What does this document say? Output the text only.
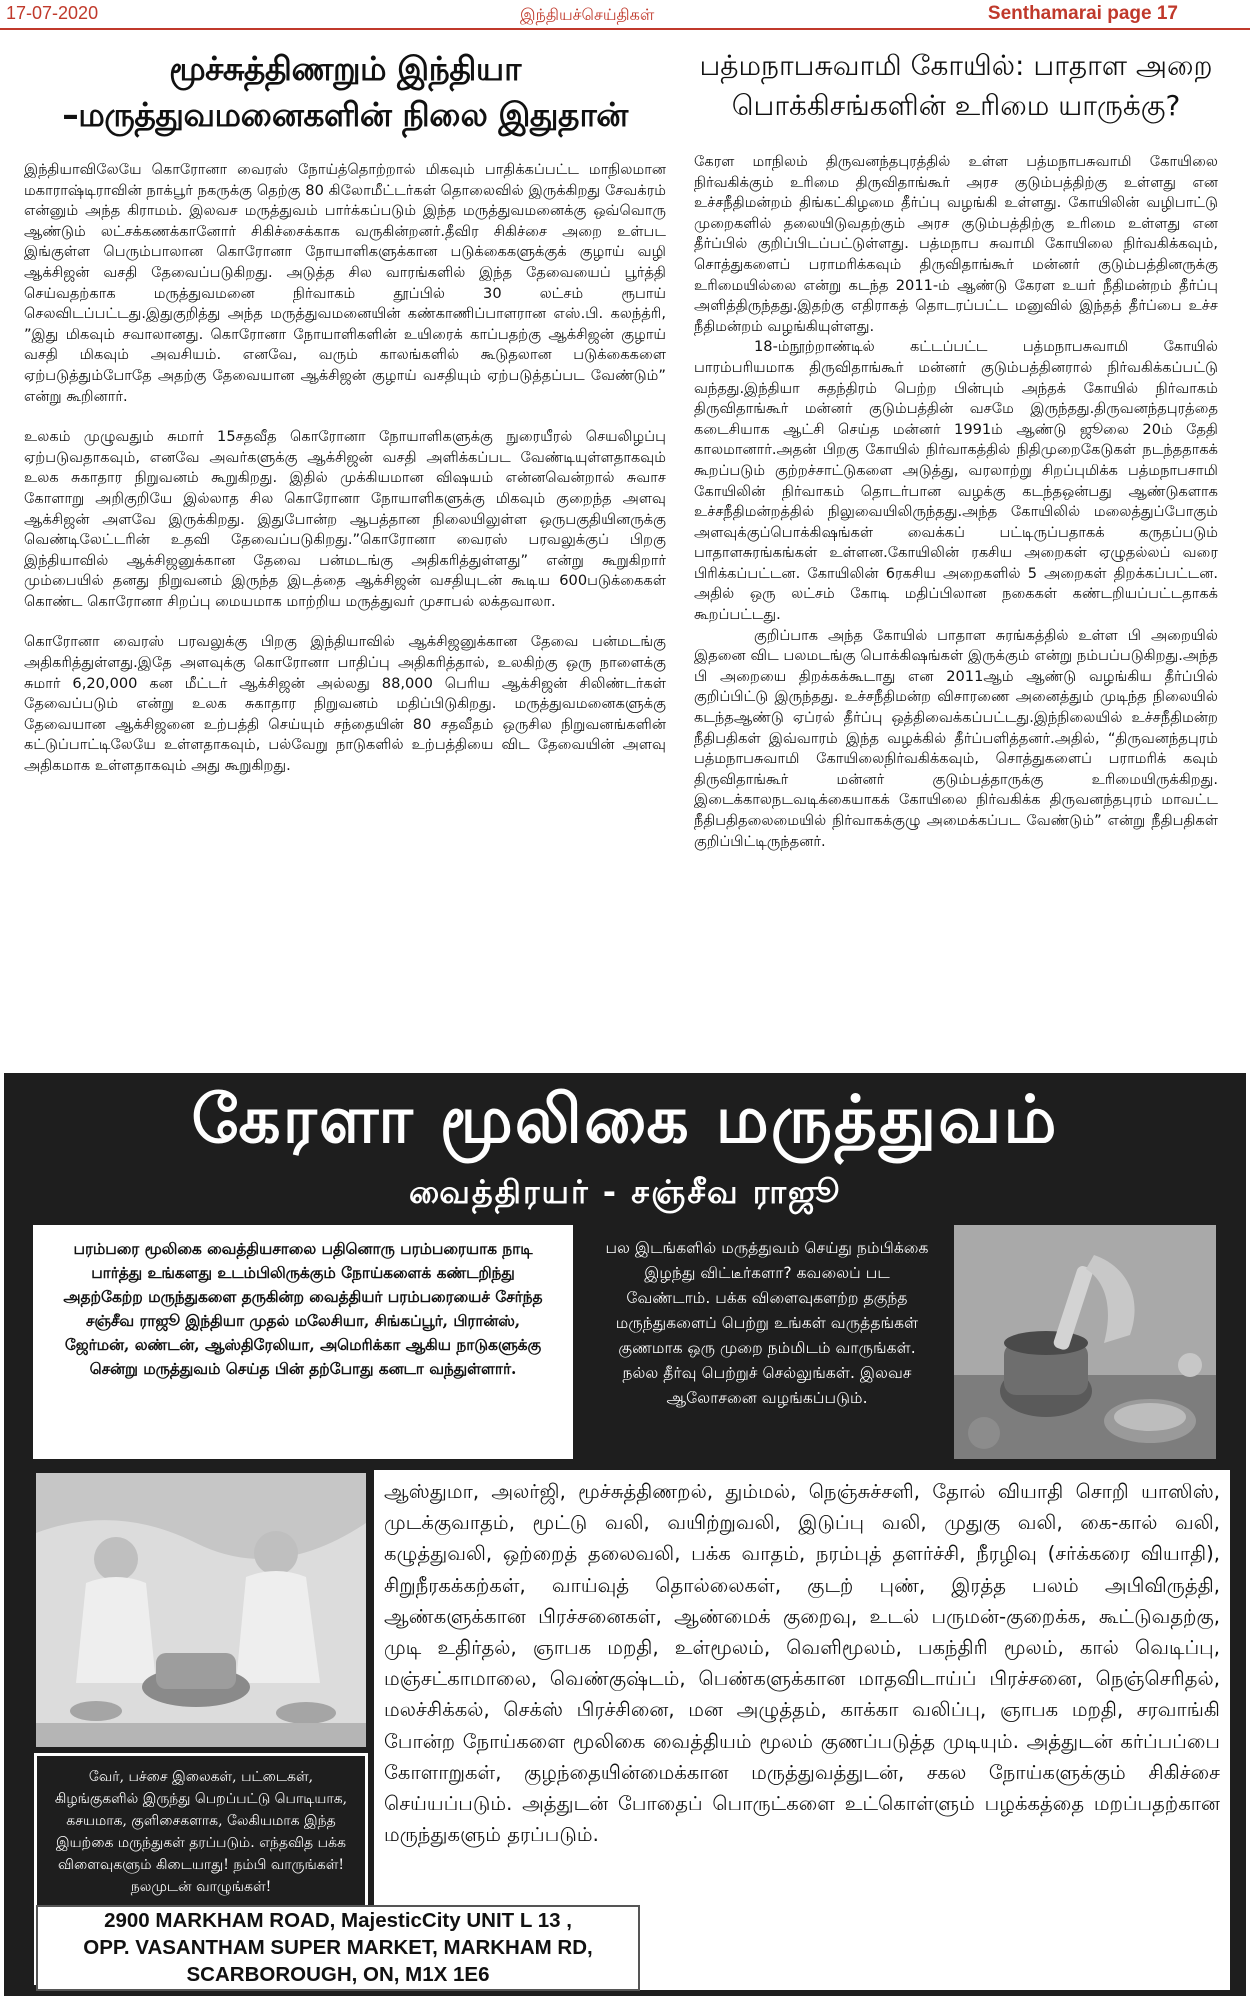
17-07-2020	இந்தியச்செய்திகள்	Senthamarai page 17
மூச்சுத்திணறும் இந்தியா
–மருத்துவமனைகளின் நிலை இதுதான்

இந்தியாவிலேயே கொரோனா வைரஸ் நோய்த்தொற்றால் மிகவும் பாதிக்கப்பட்ட மாநிலமான மகாராஷ்டிராவின் நாக்பூர் நகருக்கு தெற்கு 80 கிலோமீட்டர்கள் தொலைவில் இருக்கிறது சேவக்ரம் என்னும் அந்த கிராமம். இலவச மருத்துவம் பார்க்கப்படும் இந்த மருத்துவமனைக்கு ஒவ்வொரு ஆண்டும் லட்சக்கணக்கானோர் சிகிச்சைக்காக வருகின்றனர்.தீவிர சிகிச்சை அறை உள்பட இங்குள்ள பெரும்பாலான கொரோனா நோயாளிகளுக்கான படுக்கைகளுக்குக் குழாய் வழி ஆக்சிஜன் வசதி தேவைப்படுகிறது. அடுத்த சில வாரங்களில் இந்த தேவையைப் பூர்த்தி செய்வதற்காக மருத்துவமனை நிர்வாகம் தூப்பில் 30 லட்சம் ரூபாய் செலவிடப்பட்டது.இதுகுறித்து அந்த மருத்துவமனையின் கண்காணிப்பாளரான எஸ்.பி. கலந்த்ரி, ”இது மிகவும் சவாலானது. கொரோனா நோயாளிகளின் உயிரைக் காப்பதற்கு ஆக்சிஜன் குழாய் வசதி மிகவும் அவசியம். எனவே, வரும் காலங்களில் கூடுதலான படுக்கைகளை ஏற்படுத்தும்போதே அதற்கு தேவையான ஆக்சிஜன் குழாய் வசதியும் ஏற்படுத்தப்பட வேண்டும்” என்று கூறினார்.

உலகம் முழுவதும் சுமார் 15சதவீத கொரோனா நோயாளிகளுக்கு நுரையீரல் செயலிழப்பு ஏற்படுவதாகவும், எனவே அவர்களுக்கு ஆக்சிஜன் வசதி அளிக்கப்பட வேண்டியுள்ளதாகவும் உலக சுகாதார நிறுவனம் கூறுகிறது. இதில் முக்கியமான விஷயம் என்னவென்றால் சுவாச கோளாறு அறிகுறியே இல்லாத சில கொரோனா நோயாளிகளுக்கு மிகவும் குறைந்த அளவு ஆக்சிஜன் அளவே இருக்கிறது. இதுபோன்ற ஆபத்தான நிலையிலுள்ள ஒருபகுதியினருக்கு வெண்டிலேட்டரின் உதவி தேவைப்படுகிறது.”கொரோனா வைரஸ் பரவலுக்குப் பிறகு இந்தியாவில் ஆக்சிஜனுக்கான தேவை பன்மடங்கு அதிகரித்துள்ளது” என்று கூறுகிறார் மும்பையில் தனது நிறுவனம் இருந்த இடத்தை ஆக்சிஜன் வசதியுடன் கூடிய 600படுக்கைகள் கொண்ட கொரோனா சிறப்பு மையமாக மாற்றிய மருத்துவர் முசாபல் லக்தவாலா.

கொரோனா வைரஸ் பரவலுக்கு பிறகு இந்தியாவில் ஆக்சிஜனுக்கான தேவை பன்மடங்கு அதிகரித்துள்ளது.இதே அளவுக்கு கொரோனா பாதிப்பு அதிகரித்தால், உலகிற்கு ஒரு நாளைக்கு சுமார் 6,20,000 கன மீட்டர் ஆக்சிஜன் அல்லது 88,000 பெரிய ஆக்சிஜன் சிலிண்டர்கள் தேவைப்படும் என்று உலக சுகாதார நிறுவனம் மதிப்பிடுகிறது. மருத்துவமனைகளுக்கு தேவையான ஆக்சிஜனை உற்பத்தி செய்யும் சந்தையின் 80 சதவீதம் ஒருசில நிறுவனங்களின் கட்டுப்பாட்டிலேயே உள்ளதாகவும், பல்வேறு நாடுகளில் உற்பத்தியை விட தேவையின் அளவு அதிகமாக உள்ளதாகவும் அது கூறுகிறது.

பத்மநாபசுவாமி கோயில்: பாதாள அறை
பொக்கிசங்களின் உரிமை யாருக்கு?

கேரள மாநிலம் திருவனந்தபுரத்தில் உள்ள பத்மநாபசுவாமி கோயிலை நிர்வகிக்கும் உரிமை திருவிதாங்கூர் அரச குடும்பத்திற்கு உள்ளது என உச்சநீதிமன்றம் திங்கட்கிழமை தீர்ப்பு வழங்கி உள்ளது. கோயிலின் வழிபாட்டு முறைகளில் தலையிடுவதற்கும் அரச குடும்பத்திற்கு உரிமை உள்ளது என தீர்ப்பில் குறிப்பிடப்பட்டுள்ளது. பத்மநாப சுவாமி கோயிலை நிர்வகிக்கவும், சொத்துகளைப் பராமரிக்கவும் திருவிதாங்கூர் மன்னர் குடும்பத்தினருக்கு உரிமையில்லை என்று கடந்த 2011-ம் ஆண்டு கேரள உயர் நீதிமன்றம் தீர்ப்பு அளித்திருந்தது.இதற்கு எதிராகத் தொடரப்பட்ட மனுவில் இந்தத் தீர்ப்பை உச்ச நீதிமன்றம் வழங்கியுள்ளது.

18-ம்நூற்றாண்டில் கட்டப்பட்ட பத்மநாபசுவாமி கோயில் பாரம்பரியமாக திருவிதாங்கூர் மன்னர் குடும்பத்தினரால் நிர்வகிக்கப்பட்டு வந்தது.இந்தியா சுதந்திரம் பெற்ற பின்பும் அந்தக் கோயில் நிர்வாகம் திருவிதாங்கூர் மன்னர் குடும்பத்தின் வசமே இருந்தது.திருவனந்தபுரத்தை கடைசியாக ஆட்சி செய்த மன்னர் 1991ம் ஆண்டு ஜூலை 20ம் தேதி காலமானார்.அதன் பிறகு கோயில் நிர்வாகத்தில் நிதிமுறைகேடுகள் நடந்ததாகக் கூறப்படும் குற்றச்சாட்டுகளை அடுத்து, வரலாற்று சிறப்புமிக்க பத்மநாபசாமி கோயிலின் நிர்வாகம் தொடர்பான வழக்கு கடந்தஒன்பது ஆண்டுகளாக உச்சநீதிமன்றத்தில் நிலுவையிலிருந்தது.அந்த கோயிலில் மலைத்துப்போகும் அளவுக்குப்பொக்கிஷங்கள் வைக்கப் பட்டிருப்பதாகக் கருதப்படும் பாதாளசுரங்கங்கள் உள்ளன.கோயிலின் ரகசிய அறைகள் ஏழுதல்லப் வரை பிரிக்கப்பட்டன. கோயிலின் 6ரகசிய அறைகளில் 5 அறைகள் திறக்கப்பட்டன. அதில் ஒரு லட்சம் கோடி மதிப்பிலான நகைகள் கண்டறியப்பட்டதாகக் கூறப்பட்டது.

குறிப்பாக அந்த கோயில் பாதாள சுரங்கத்தில் உள்ள பி அறையில் இதனை விட பலமடங்கு பொக்கிஷங்கள் இருக்கும் என்று நம்பப்படுகிறது.அந்த பி அறையை திறக்கக்கூடாது என 2011ஆம் ஆண்டு வழங்கிய தீர்ப்பில் குறிப்பிட்டு இருந்தது. உச்சநீதிமன்ற விசாரணை அனைத்தும் முடிந்த நிலையில் கடந்தஆண்டு ஏப்ரல் தீர்ப்பு ஒத்திவைக்கப்பட்டது.இந்நிலையில் உச்சநீதிமன்ற நீதிபதிகள் இவ்வாரம் இந்த வழக்கில் தீர்ப்பளித்தனர்.அதில், “திருவனந்தபுரம் பத்மநாபசுவாமி கோயிலைநிர்வகிக்கவும், சொத்துகளைப் பராமரிக் கவும் திருவிதாங்கூர் மன்னர் குடும்பத்தாருக்கு உரிமையிருக்கிறது. இடைக்காலநடவடிக்கையாகக் கோயிலை நிர்வகிக்க திருவனந்தபுரம் மாவட்ட நீதிபதிதலைமையில் நிர்வாகக்குழு அமைக்கப்பட வேண்டும்” என்று நீதிபதிகள் குறிப்பிட்டிருந்தனர்.

கேரளா மூலிகை மருத்துவம்
வைத்திரயர் - சஞ்சீவ ராஜூ
பரம்பரை மூலிகை வைத்தியசாலை பதினொரு பரம்பரையாக நாடி பார்த்து உங்களது உடம்பிலிருக்கும் நோய்களைக் கண்டறிந்து அதற்கேற்ற மருந்துகளை தருகின்ற வைத்தியர் பரம்பரையைச் சேர்ந்த சஞ்சீவ ராஜூ இந்தியா முதல் மலேசியா, சிங்கப்பூர், பிரான்ஸ், ஜேர்மன், லண்டன், ஆஸ்திரேலியா, அமெரிக்கா ஆகிய நாடுகளுக்கு சென்று மருத்துவம் செய்த பின் தற்போது கனடா வந்துள்ளார்.
பல இடங்களில் மருத்துவம் செய்து நம்பிக்கை இழந்து விட்டீர்களா? கவலைப் பட வேண்டாம். பக்க விளைவுகளற்ற தகுந்த மருந்துகளைப் பெற்று உங்கள் வருத்தங்கள் குணமாக ஒரு முறை நம்மிடம் வாருங்கள். நல்ல தீர்வு பெற்றுச் செல்லுங்கள். இலவச ஆலோசனை வழங்கப்படும்.
வேர், பச்சை இலைகள், பட்டைகள், கிழங்குகளில் இருந்து பெறப்பட்டு பொடியாக, கசயமாக, குளிசைகளாக, லேகியமாக இந்த இயற்கை மருந்துகள் தரப்படும். எந்தவித பக்க விளைவுகளும் கிடையாது! நம்பி வாருங்கள்! நலமுடன் வாழுங்கள்!

ஆஸ்துமா, அலர்ஜி, மூச்சுத்திணறல், தும்மல், நெஞ்சுச்சளி, தோல் வியாதி சொறி யாஸிஸ், முடக்குவாதம், மூட்டு வலி, வயிற்றுவலி, இடுப்பு வலி, முதுகு வலி, கை-கால் வலி, கழுத்துவலி, ஒற்றைத் தலைவலி, பக்க வாதம், நரம்புத் தளர்ச்சி, நீரழிவு (சர்க்கரை வியாதி), சிறுநீரகக்கற்கள், வாய்வுத் தொல்லைகள், குடற் புண், இரத்த பலம் அபிவிருத்தி, ஆண்களுக்கான பிரச்சனைகள், ஆண்மைக் குறைவு, உடல் பருமன்-குறைக்க, கூட்டுவதற்கு, முடி உதிர்தல், ஞாபக மறதி, உள்மூலம், வெளிமூலம், பகந்திரி மூலம், கால் வெடிப்பு, மஞ்சட்காமாலை, வெண்குஷ்டம், பெண்களுக்கான மாதவிடாய்ப் பிரச்சனை, நெஞ்செரிதல், மலச்சிக்கல், செக்ஸ் பிரச்சினை, மன அழுத்தம், காக்கா வலிப்பு, ஞாபக மறதி, சரவாங்கி போன்ற நோய்களை மூலிகை வைத்தியம் மூலம் குணப்படுத்த முடியும். அத்துடன் கர்ப்பப்பை கோளாறுகள், குழந்தையின்மைக்கான மருத்துவத்துடன், சகல நோய்களுக்கும் சிகிச்சை செய்யப்படும். அத்துடன் போதைப் பொருட்களை உட்கொள்ளும் பழக்கத்தை மறப்பதற்கான மருந்துகளும் தரப்படும்.

2900 MARKHAM ROAD, MajesticCity UNIT L 13 ,
OPP. VASANTHAM SUPER MARKET, MARKHAM RD,
SCARBOROUGH, ON, M1X 1E6	647-294-3189
